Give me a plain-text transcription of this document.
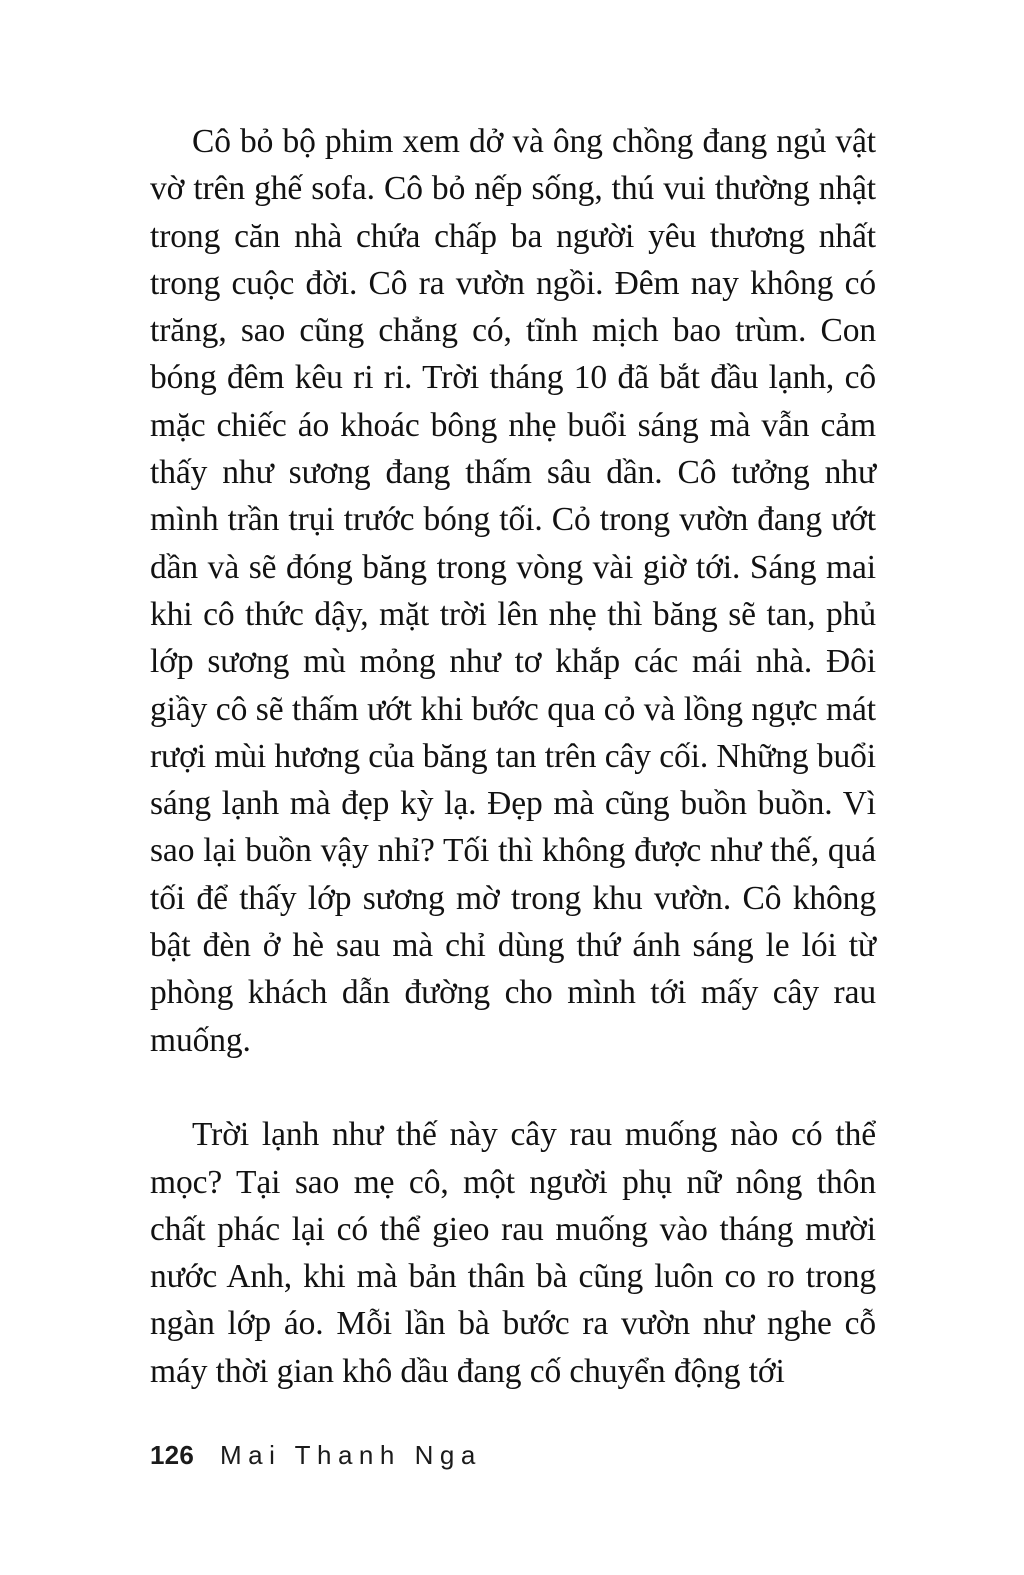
Cô bỏ bộ phim xem dở và ông chồng đang ngủ vật vờ trên ghế sofa. Cô bỏ nếp sống, thú vui thường nhật trong căn nhà chứa chấp ba người yêu thương nhất trong cuộc đời. Cô ra vườn ngồi. Đêm nay không có trăng, sao cũng chẳng có, tĩnh mịch bao trùm. Con bóng đêm kêu ri ri. Trời tháng 10 đã bắt đầu lạnh, cô mặc chiếc áo khoác bông nhẹ buổi sáng mà vẫn cảm thấy như sương đang thấm sâu dần. Cô tưởng như mình trần trụi trước bóng tối. Cỏ trong vườn đang ướt dần và sẽ đóng băng trong vòng vài giờ tới. Sáng mai khi cô thức dậy, mặt trời lên nhẹ thì băng sẽ tan, phủ lớp sương mù mỏng như tơ khắp các mái nhà. Đôi giầy cô sẽ thấm ướt khi bước qua cỏ và lồng ngực mát rượi mùi hương của băng tan trên cây cối. Những buổi sáng lạnh mà đẹp kỳ lạ. Đẹp mà cũng buồn buồn. Vì sao lại buồn vậy nhỉ? Tối thì không được như thế, quá tối để thấy lớp sương mờ trong khu vườn. Cô không bật đèn ở hè sau mà chỉ dùng thứ ánh sáng le lói từ phòng khách dẫn đường cho mình tới mấy cây rau muống.

Trời lạnh như thế này cây rau muống nào có thể mọc? Tại sao mẹ cô, một người phụ nữ nông thôn chất phác lại có thể gieo rau muống vào tháng mười nước Anh, khi mà bản thân bà cũng luôn co ro trong ngàn lớp áo. Mỗi lần bà bước ra vườn như nghe cỗ máy thời gian khô dầu đang cố chuyển động tới

126 Mai Thanh Nga
